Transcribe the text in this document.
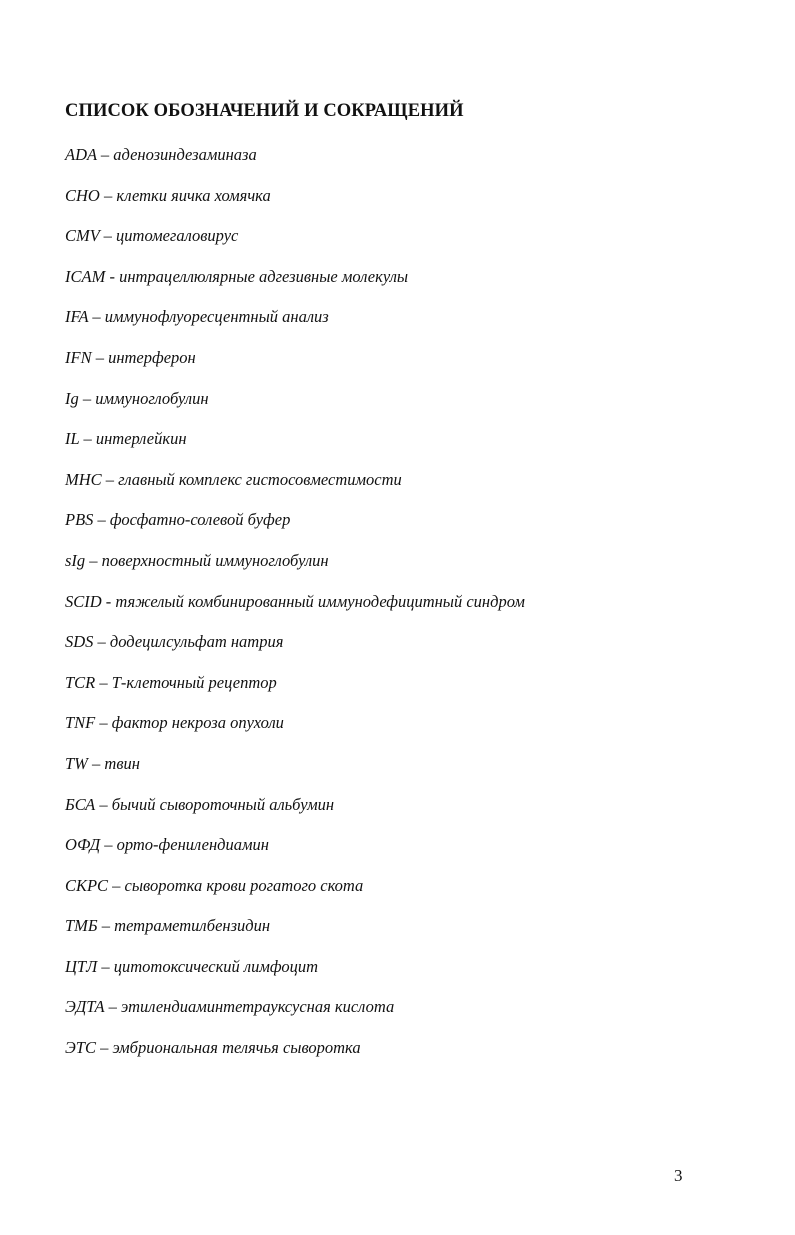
СПИСОК ОБОЗНАЧЕНИЙ И СОКРАЩЕНИЙ
ADA – аденозиндезаминаза
CHO – клетки яичка хомячка
CMV – цитомегаловирус
ICAM - интрацеллюлярные адгезивные молекулы
IFA – иммунофлуоресцентный анализ
IFN – интерферон
Ig – иммуноглобулин
IL – интерлейкин
MHC – главный комплекс гистосовместимости
PBS – фосфатно-солевой буфер
sIg – поверхностный иммуноглобулин
SCID - тяжелый комбинированный иммунодефицитный синдром
SDS – додецилсульфат натрия
TCR – Т-клеточный рецептор
TNF – фактор некроза опухоли
TW – твин
БСА – бычий сывороточный альбумин
ОФД – орто-фенилендиамин
СКРС – сыворотка крови рогатого скота
ТМБ – тетраметилбензидин
ЦТЛ – цитотоксический лимфоцит
ЭДТА – этилендиаминтетрауксусная кислота
ЭТС – эмбриональная телячья сыворотка
3
